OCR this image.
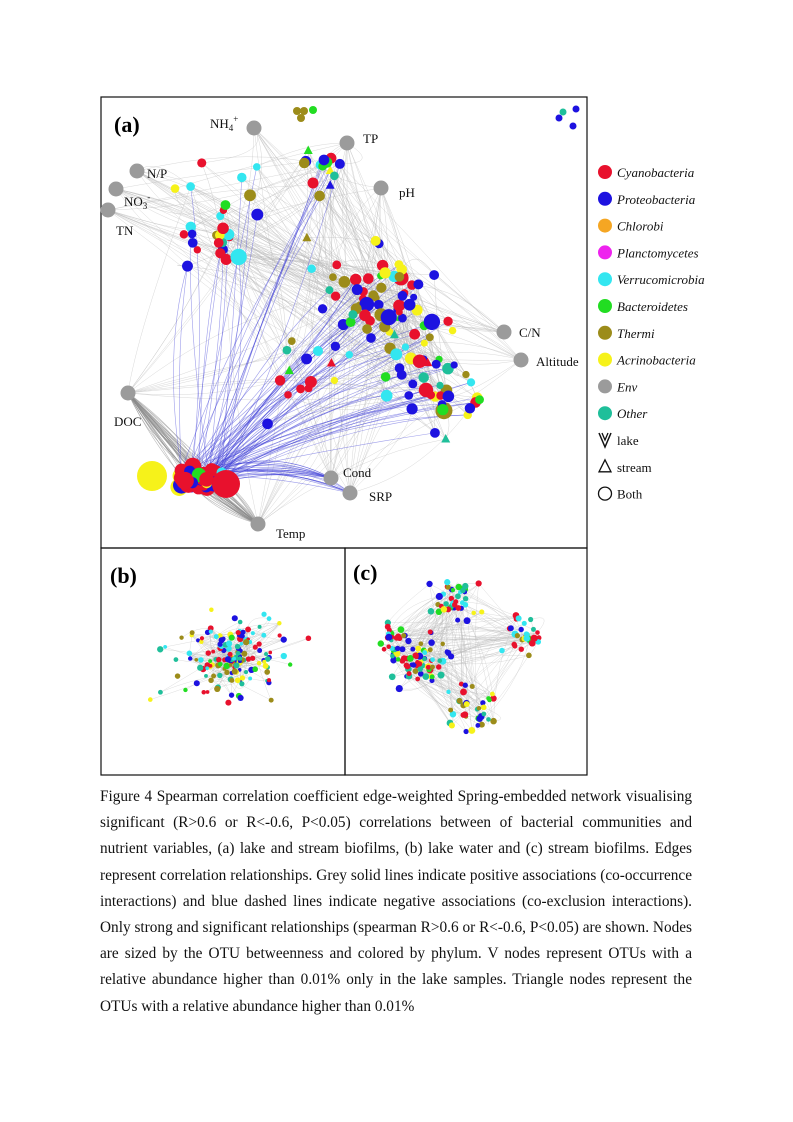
$NH_4^+$
TP
N/P
$NO_3^-$	pH
TN
C/N
Altitude
DOC
Cond
SRP
Temp
(a)
(b)	(c)
Cyanobacteria
Proteobacteria
Chlorobi
Planctomycetes
Verrucomicrobia
Bacteroidetes
Thermi
Acrinobacteria
Env
Other
lake
stream
Both
Figure 4 Spearman correlation coefficient edge-weighted Spring-embedded network visualising significant (R>0.6 or R<-0.6, P<0.05) correlations between of bacterial communities and nutrient variables, (a) lake and stream biofilms, (b) lake water and (c) stream biofilms. Edges represent correlation relationships. Grey solid lines indicate positive associations (co-occurrence interactions) and blue dashed lines indicate negative associations (co-exclusion interactions). Only strong and significant relationships (spearman R>0.6 or R<-0.6, P<0.05) are shown. Nodes are sized by the OTU betweenness and colored by phylum. V nodes represent OTUs with a relative abundance higher than 0.01% only in the lake samples. Triangle nodes represent the OTUs with a relative abundance higher than 0.01%
